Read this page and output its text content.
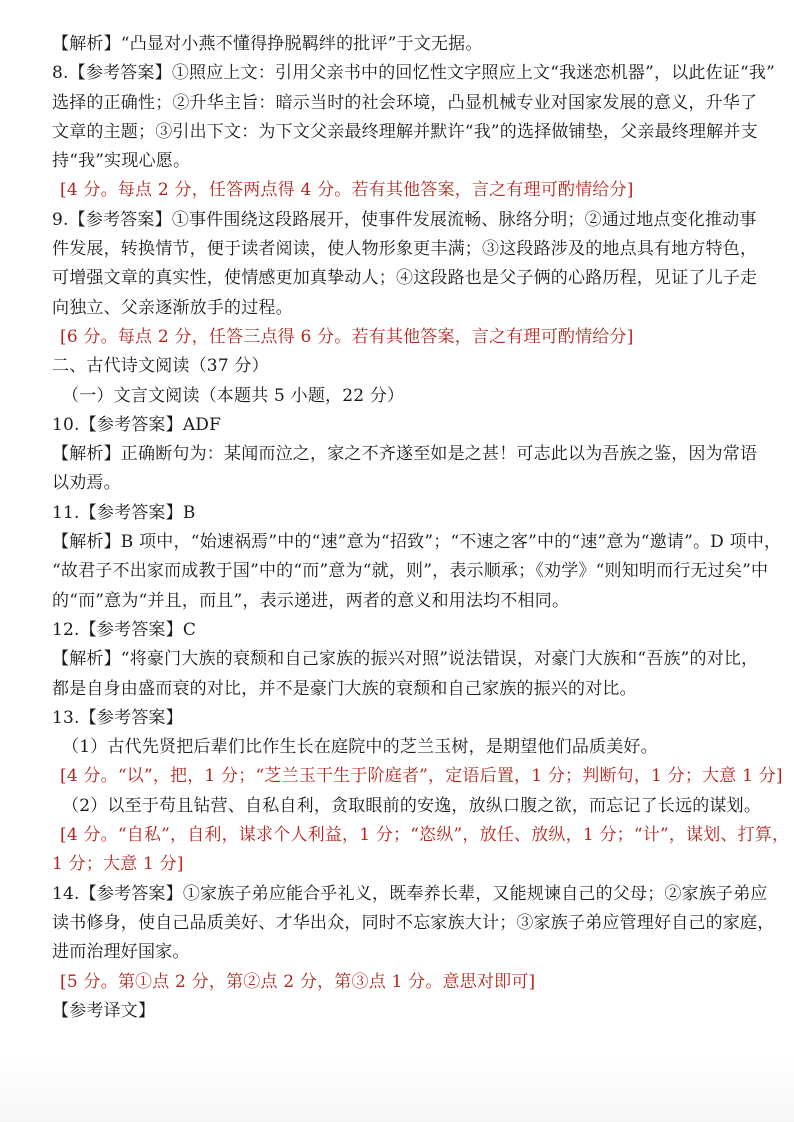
【解析】“凸显对小燕不懂得挣脱羁绊的批评”于文无据。
8.【参考答案】①照应上文：引用父亲书中的回忆性文字照应上文“我迷恋机器”，以此佐证“我”
选择的正确性；②升华主旨：暗示当时的社会环境，凸显机械专业对国家发展的意义，升华了
文章的主题；③引出下文：为下文父亲最终理解并默许“我”的选择做铺垫，父亲最终理解并支
持“我”实现心愿。
[4 分。每点 2 分，任答两点得 4 分。若有其他答案，言之有理可酌情给分]
9.【参考答案】①事件围绕这段路展开，使事件发展流畅、脉络分明；②通过地点变化推动事
件发展，转换情节，便于读者阅读，使人物形象更丰满；③这段路涉及的地点具有地方特色，
可增强文章的真实性，使情感更加真挚动人；④这段路也是父子俩的心路历程，见证了儿子走
向独立、父亲逐渐放手的过程。
[6 分。每点 2 分，任答三点得 6 分。若有其他答案，言之有理可酌情给分]
二、古代诗文阅读（37 分）
（一）文言文阅读（本题共 5 小题，22 分）
10.【参考答案】ADF
【解析】正确断句为：某闻而泣之，家之不齐遂至如是之甚！可志此以为吾族之鉴，因为常语
以劝焉。
11.【参考答案】B
【解析】B 项中，“始速祸焉”中的“速”意为“招致”；“不速之客”中的“速”意为“邀请”。D 项中，
“故君子不出家而成教于国”中的“而”意为“就，则”，表示顺承；《劝学》“则知明而行无过矣”中
的“而”意为“并且，而且”，表示递进，两者的意义和用法均不相同。
12.【参考答案】C
【解析】“将豪门大族的衰颓和自己家族的振兴对照”说法错误，对豪门大族和“吾族”的对比，
都是自身由盛而衰的对比，并不是豪门大族的衰颓和自己家族的振兴的对比。
13.【参考答案】
（1）古代先贤把后辈们比作生长在庭院中的芝兰玉树，是期望他们品质美好。
[4 分。“以”，把，1 分；“芝兰玉干生于阶庭者”，定语后置，1 分；判断句，1 分；大意 1 分]
（2）以至于苟且钻营、自私自利，贪取眼前的安逸，放纵口腹之欲，而忘记了长远的谋划。
[4 分。“自私”，自利，谋求个人利益，1 分；“恣纵”，放任、放纵，1 分；“计”，谋划、打算，
1 分；大意 1 分]
14.【参考答案】①家族子弟应能合乎礼义，既奉养长辈，又能规谏自己的父母；②家族子弟应
读书修身，使自己品质美好、才华出众，同时不忘家族大计；③家族子弟应管理好自己的家庭，
进而治理好国家。
[5 分。第①点 2 分，第②点 2 分，第③点 1 分。意思对即可]
【参考译文】
